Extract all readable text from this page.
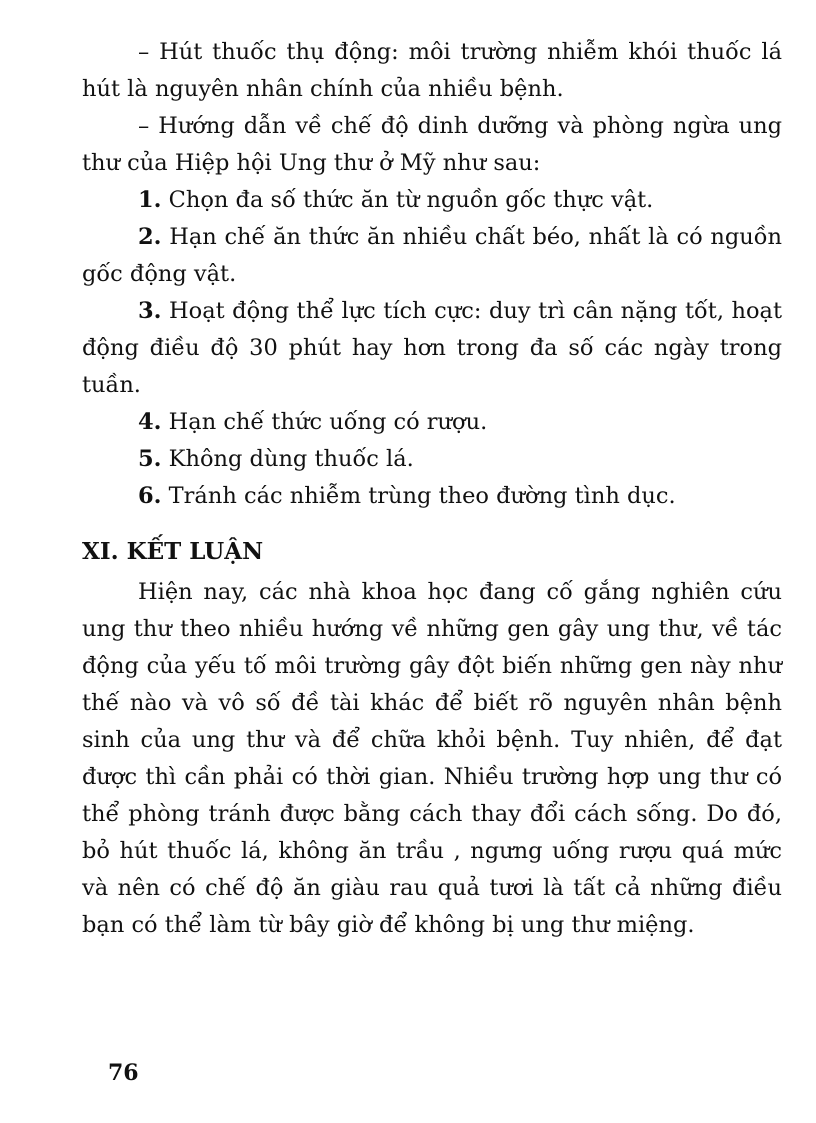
– Hút thuốc thụ động: môi trường nhiễm khói thuốc lá hút là nguyên nhân chính của nhiều bệnh.

– Hướng dẫn về chế độ dinh dưỡng và phòng ngừa ung thư của Hiệp hội Ung thư ở Mỹ như sau:

1. Chọn đa số thức ăn từ nguồn gốc thực vật.

2. Hạn chế ăn thức ăn nhiều chất béo, nhất là có nguồn gốc động vật.

3. Hoạt động thể lực tích cực: duy trì cân nặng tốt, hoạt động điều độ 30 phút hay hơn trong đa số các ngày trong tuần.

4. Hạn chế thức uống có rượu.

5. Không dùng thuốc lá.

6. Tránh các nhiễm trùng theo đường tình dục.

XI. KẾT LUẬN

Hiện nay, các nhà khoa học đang cố gắng nghiên cứu ung thư theo nhiều hướng về những gen gây ung thư, về tác động của yếu tố môi trường gây đột biến những gen này như thế nào và vô số đề tài khác để biết rõ nguyên nhân bệnh sinh của ung thư và để chữa khỏi bệnh. Tuy nhiên, để đạt được thì cần phải có thời gian. Nhiều trường hợp ung thư có thể phòng tránh được bằng cách thay đổi cách sống. Do đó, bỏ hút thuốc lá, không ăn trầu , ngưng uống rượu quá mức và nên có chế độ ăn giàu rau quả tươi là tất cả những điều bạn có thể làm từ bây giờ để không bị ung thư miệng.

76
